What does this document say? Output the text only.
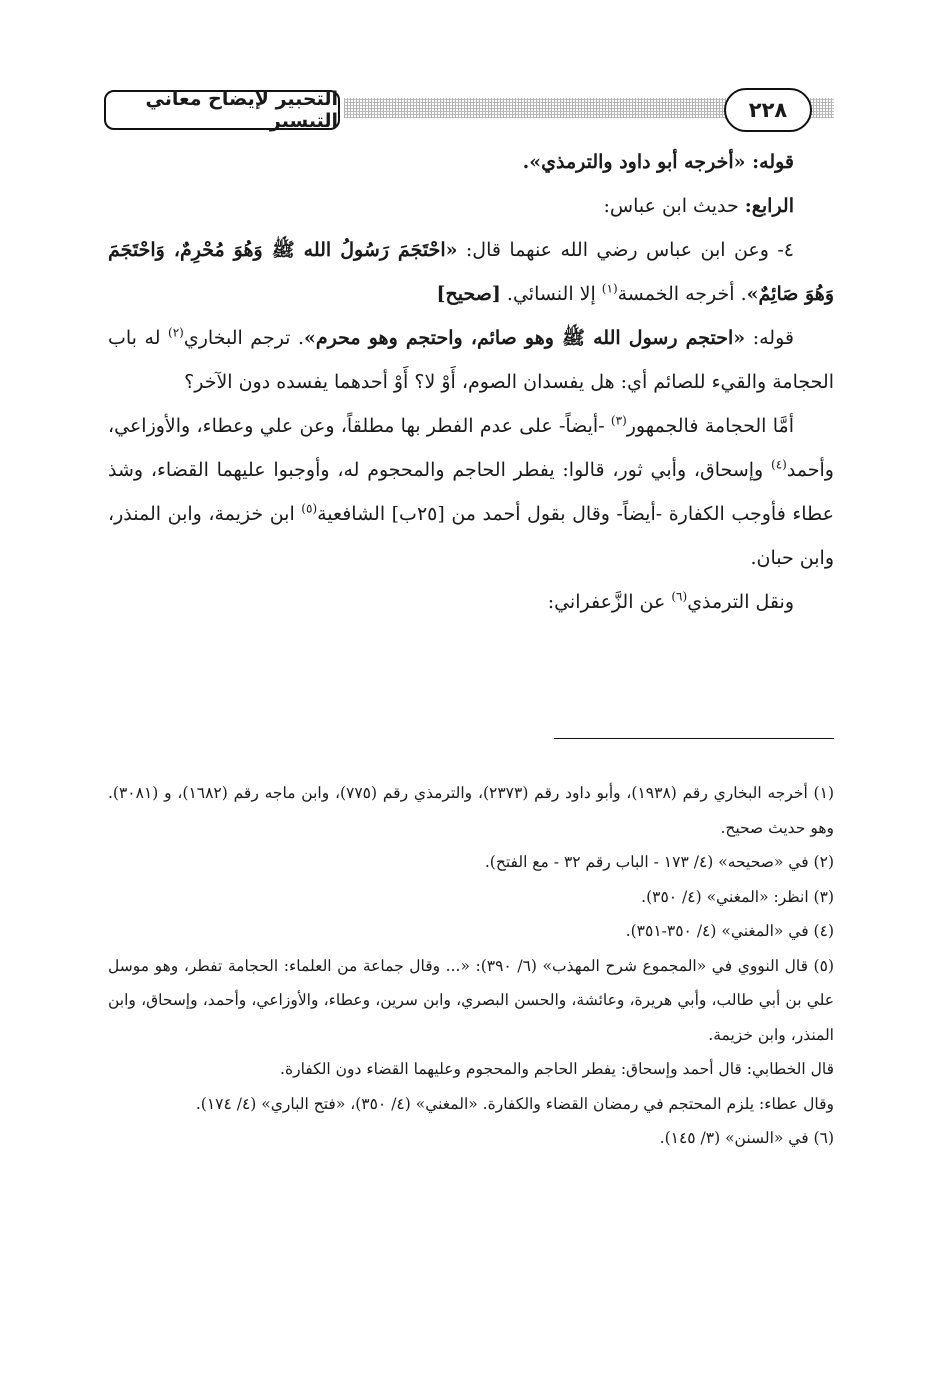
التحبير لإيضاح معاني التيسير	٢٢٨

قوله: «أخرجه أبو داود والترمذي».

الرابع: حديث ابن عباس:

٤- وعن ابن عباس رضي الله عنهما قال: «احْتَجَمَ رَسُولُ الله ﷺ وَهُوَ مُحْرِمٌ، وَاحْتَجَمَ وَهُوَ صَائِمٌ». أخرجه الخمسة$^{(١)}$ إلا النسائي. [صحيح]

قوله: «احتجم رسول الله ﷺ وهو صائم، واحتجم وهو محرم». ترجم البخاري$^{(٢)}$ له باب الحجامة والقيء للصائم أي: هل يفسدان الصوم، أَوْ لا؟ أَوْ أحدهما يفسده دون الآخر؟

أمَّا الحجامة فالجمهور$^{(٣)}$ -أيضاً- على عدم الفطر بها مطلقاً، وعن علي وعطاء، والأوزاعي، وأحمد$^{(٤)}$ وإسحاق، وأبي ثور، قالوا: يفطر الحاجم والمحجوم له، وأوجبوا عليهما القضاء، وشذ عطاء فأوجب الكفارة -أيضاً- وقال بقول أحمد من [٢٥ب] الشافعية$^{(٥)}$ ابن خزيمة، وابن المنذر، وابن حبان.

ونقل الترمذي$^{(٦)}$ عن الزَّعفراني:

(١) أخرجه البخاري رقم (١٩٣٨)، وأبو داود رقم (٢٣٧٣)، والترمذي رقم (٧٧٥)، وابن ماجه رقم (١٦٨٢)، و (٣٠٨١). وهو حديث صحيح.

(٢) في «صحيحه» (٤/ ١٧٣ - الباب رقم ٣٢ - مع الفتح).

(٣) انظر: «المغني» (٤/ ٣٥٠).

(٤) في «المغني» (٤/ ٣٥٠-٣٥١).

(٥) قال النووي في «المجموع شرح المهذب» (٦/ ٣٩٠): «... وقال جماعة من العلماء: الحجامة تفطر، وهو موسل علي بن أبي طالب، وأبي هريرة، وعائشة، والحسن البصري، وابن سرين، وعطاء، والأوزاعي، وأحمد، وإسحاق، وابن المنذر، وابن خزيمة.

قال الخطابي: قال أحمد وإسحاق: يفطر الحاجم والمحجوم وعليهما القضاء دون الكفارة.

وقال عطاء: يلزم المحتجم في رمضان القضاء والكفارة. «المغني» (٤/ ٣٥٠)، «فتح الباري» (٤/ ١٧٤).

(٦) في «السنن» (٣/ ١٤٥).
